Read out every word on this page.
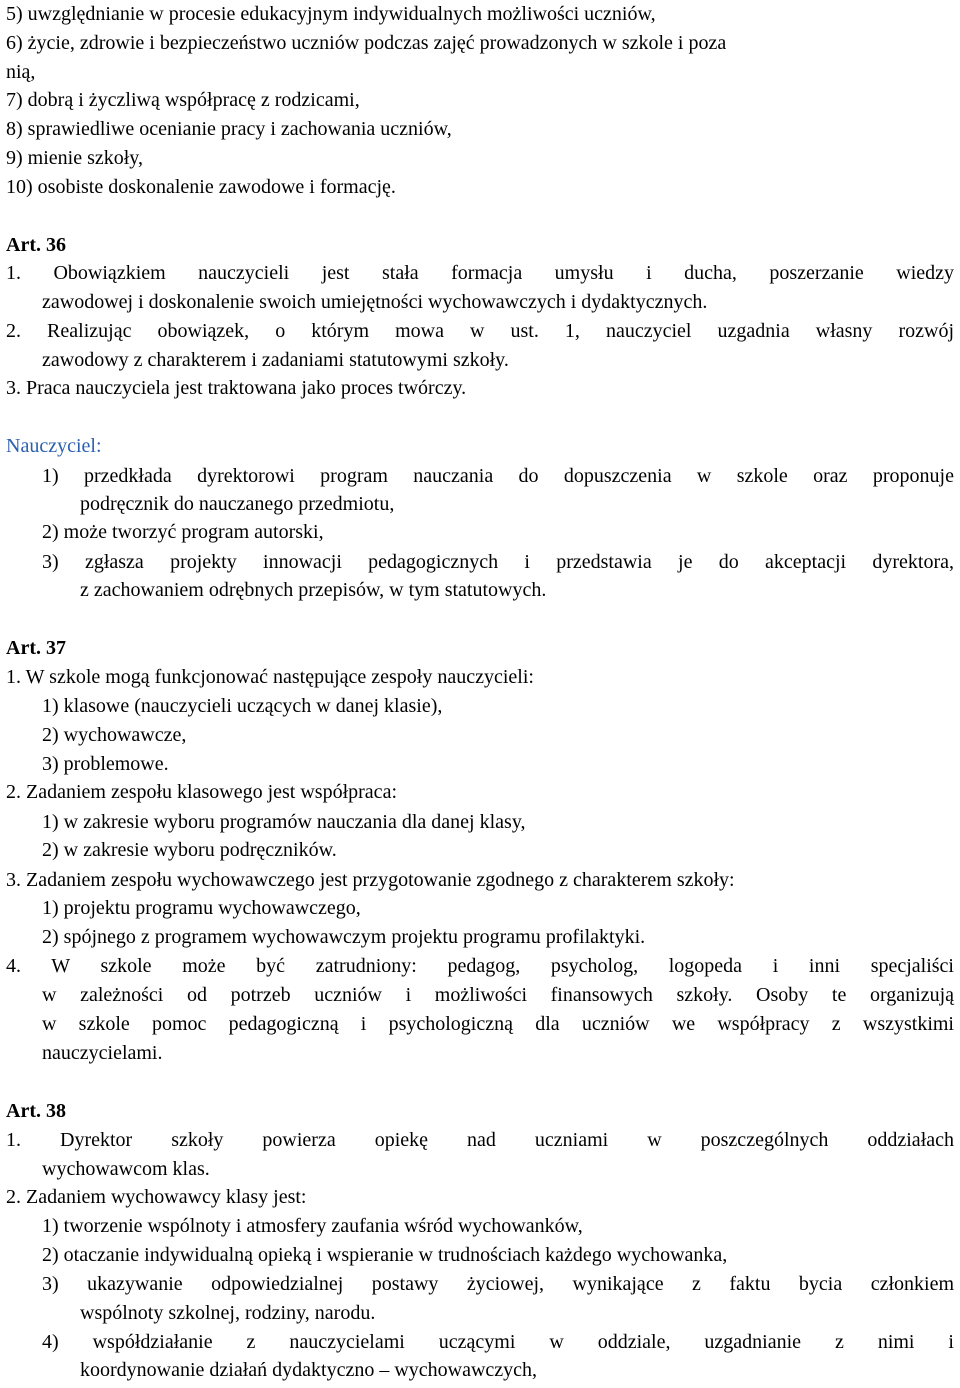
5) uwzględnianie w procesie edukacyjnym indywidualnych możliwości uczniów,
6) życie, zdrowie i bezpieczeństwo uczniów podczas zajęć prowadzonych w szkole i poza
nią,
7) dobrą i życzliwą współpracę z rodzicami,
8) sprawiedliwe ocenianie pracy i zachowania uczniów,
9) mienie szkoły,
10) osobiste doskonalenie zawodowe i formację.
Art. 36
1. Obowiązkiem nauczycieli jest stała formacja umysłu i ducha, poszerzanie wiedzy
zawodowej i doskonalenie swoich umiejętności wychowawczych i dydaktycznych.
2. Realizując obowiązek, o którym mowa w ust. 1, nauczyciel uzgadnia własny rozwój
zawodowy z charakterem i zadaniami statutowymi szkoły.
3. Praca nauczyciela jest traktowana jako proces twórczy.
Nauczyciel:
1) przedkłada dyrektorowi program nauczania do dopuszczenia w szkole oraz proponuje
podręcznik do nauczanego przedmiotu,
2) może tworzyć program autorski,
3) zgłasza projekty innowacji pedagogicznych i przedstawia je do akceptacji dyrektora,
z zachowaniem odrębnych przepisów, w tym statutowych.
Art. 37
1. W szkole mogą funkcjonować następujące zespoły nauczycieli:
1) klasowe (nauczycieli uczących w danej klasie),
2) wychowawcze,
3) problemowe.
2. Zadaniem zespołu klasowego jest współpraca:
1) w zakresie wyboru programów nauczania dla danej klasy,
2) w zakresie wyboru podręczników.
3. Zadaniem zespołu wychowawczego jest przygotowanie zgodnego z charakterem szkoły:
1) projektu programu wychowawczego,
2) spójnego z programem wychowawczym projektu programu profilaktyki.
4. W szkole może być zatrudniony: pedagog, psycholog, logopeda i inni specjaliści
w zależności od potrzeb uczniów i możliwości finansowych szkoły. Osoby te organizują
w szkole pomoc pedagogiczną i psychologiczną dla uczniów we współpracy z wszystkimi
nauczycielami.
Art. 38
1. Dyrektor szkoły powierza opiekę nad uczniami w poszczególnych oddziałach
wychowawcom klas.
2. Zadaniem wychowawcy klasy jest:
1) tworzenie wspólnoty i atmosfery zaufania wśród wychowanków,
2) otaczanie indywidualną opieką i wspieranie w trudnościach każdego wychowanka,
3) ukazywanie odpowiedzialnej postawy życiowej, wynikające z faktu bycia członkiem
wspólnoty szkolnej, rodziny, narodu.
4) współdziałanie z nauczycielami uczącymi w oddziale, uzgadnianie z nimi i
koordynowanie działań dydaktyczno – wychowawczych,
